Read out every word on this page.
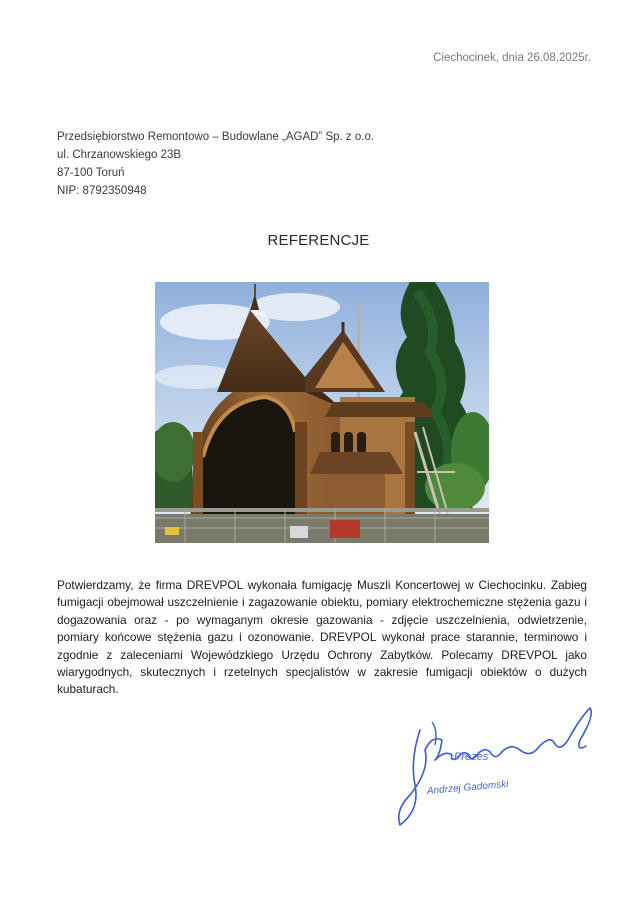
Ciechocinek, dnia 26.08.2025r.
Przedsiębiorstwo Remontowo – Budowlane „AGAD” Sp. z o.o.
ul. Chrzanowskiego 23B
87-100 Toruń
NIP: 8792350948
REFERENCJE
Potwierdzamy, że firma DREVPOL wykonała fumigację Muszli Koncertowej w Ciechocinku. Zabieg fumigacji obejmował uszczelnienie i zagazowanie obiektu, pomiary elektrochemiczne stężenia gazu i dogazowania oraz - po wymaganym okresie gazowania - zdjęcie uszczelnienia, odwietrzenie, pomiary końcowe stężenia gazu i ozonowanie. DREVPOL wykonał prace starannie, terminowo i zgodnie z zaleceniami Wojewódzkiego Urzędu Ochrony Zabytków. Polecamy DREVPOL jako wiarygodnych, skutecznych i rzetelnych specjalistów w zakresie fumigacji obiektów o dużych kubaturach.
Prezes
Andrzej Gadomski
